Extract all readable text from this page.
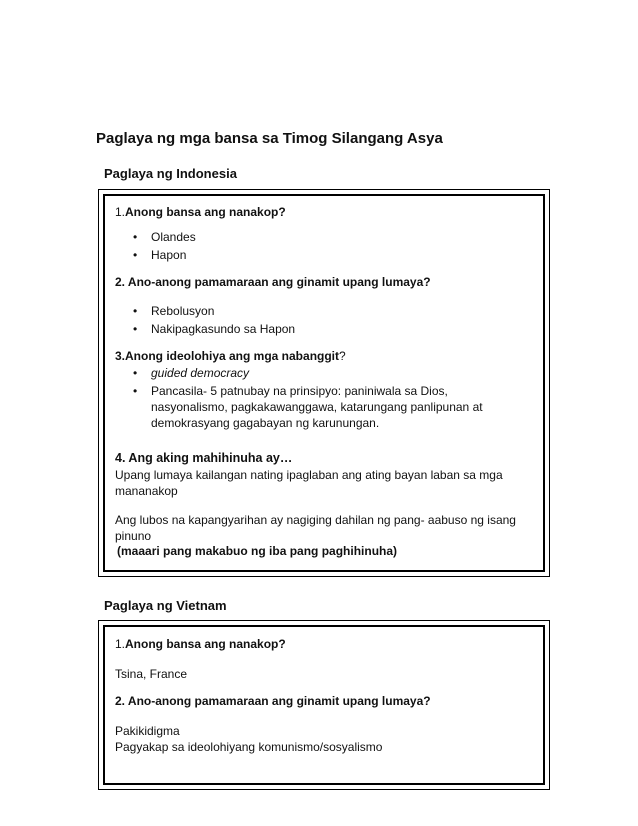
Paglaya ng mga bansa sa Timog Silangang Asya
Paglaya ng Indonesia
1.Anong bansa ang nanakop?
• Olandes
• Hapon
2. Ano-anong pamamaraan ang ginamit upang lumaya?
• Rebolusyon
• Nakipagkasundo sa Hapon
3.Anong ideolohiya ang mga nabanggit?
• guided democracy
• Pancasila- 5 patnubay na prinsipyo: paniniwala sa Dios,
nasyonalismo, pagkakawanggawa, katarungang panlipunan at
demokrasyang gagabayan ng karunungan.
4. Ang aking mahihinuha ay…
Upang lumaya kailangan nating ipaglaban ang ating bayan laban sa mga
mananakop
Ang lubos na kapangyarihan ay nagiging dahilan ng pang- aabuso ng isang
pinuno
(maaari pang makabuo ng iba pang paghihinuha)
Paglaya ng Vietnam
1.Anong bansa ang nanakop?
Tsina, France
2. Ano-anong pamamaraan ang ginamit upang lumaya?
Pakikidigma
Pagyakap sa ideolohiyang komunismo/sosyalismo
